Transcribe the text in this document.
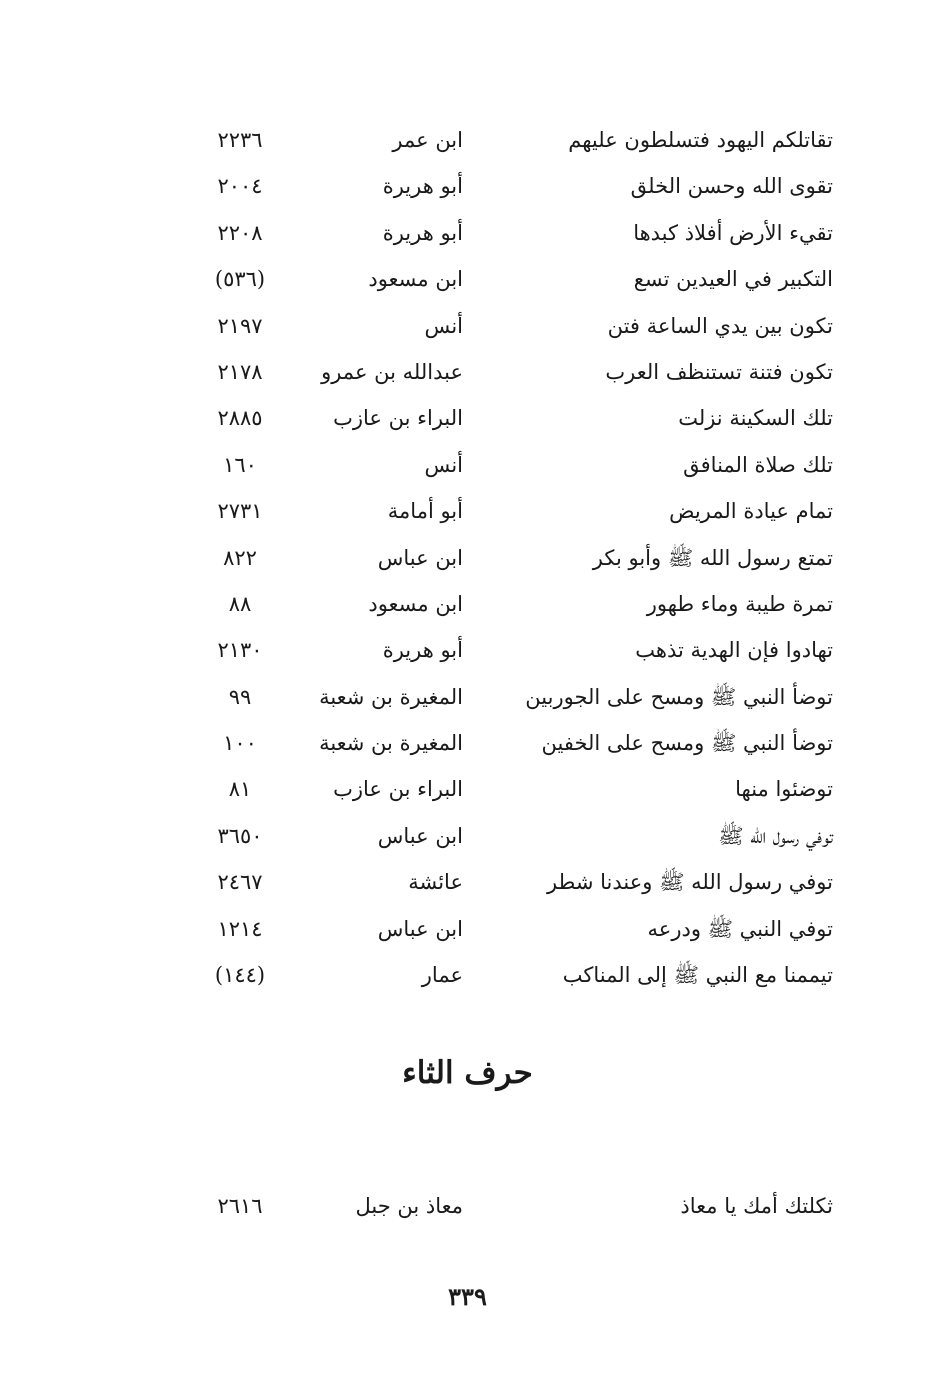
تقاتلكم اليهود فتسلطون عليهم
ابن عمر
٢٢٣٦
تقوى الله وحسن الخلق
أبو هريرة
٢٠٠٤
تقيء الأرض أفلاذ كبدها
أبو هريرة
٢٢٠٨
التكبير في العيدين تسع
ابن مسعود
(٥٣٦)
تكون بين يدي الساعة فتن
أنس
٢١٩٧
تكون فتنة تستنظف العرب
عبدالله بن عمرو
٢١٧٨
تلك السكينة نزلت
البراء بن عازب
٢٨٨٥
تلك صلاة المنافق
أنس
١٦٠
تمام عيادة المريض
أبو أمامة
٢٧٣١
تمتع رسول الله ﷺ وأبو بكر
ابن عباس
٨٢٢
تمرة طيبة وماء طهور
ابن مسعود
٨٨
تهادوا فإن الهدية تذهب
أبو هريرة
٢١٣٠
توضأ النبي ﷺ ومسح على الجوربين
المغيرة بن شعبة
٩٩
توضأ النبي ﷺ ومسح على الخفين
المغيرة بن شعبة
١٠٠
توضئوا منها
البراء بن عازب
٨١
توفي رسول الله ﷺ
ابن عباس
٣٦٥٠
توفي رسول الله ﷺ وعندنا شطر
عائشة
٢٤٦٧
توفي النبي ﷺ ودرعه
ابن عباس
١٢١٤
تيممنا مع النبي ﷺ إلى المناكب
عمار
(١٤٤)
حرف الثاء
ثكلتك أمك يا معاذ
معاذ بن جبل
٢٦١٦
٣٣٩
